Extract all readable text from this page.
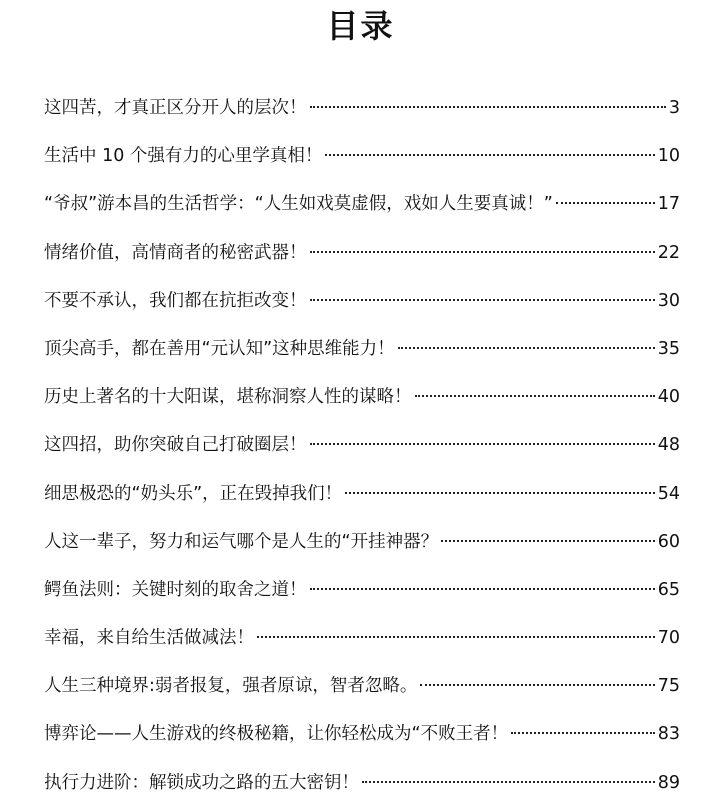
目录
这四苦，才真正区分开人的层次！	3
生活中 10 个强有力的心里学真相！	10
“爷叔”游本昌的生活哲学：“人生如戏莫虚假，戏如人生要真诚！”	17
情绪价值，高情商者的秘密武器！	22
不要不承认，我们都在抗拒改变！	30
顶尖高手，都在善用“元认知”这种思维能力！	35
历史上著名的十大阳谋，堪称洞察人性的谋略！	40
这四招，助你突破自己打破圈层！	48
细思极恐的“奶头乐”，正在毁掉我们！	54
人这一辈子，努力和运气哪个是人生的“开挂神器？	60
鳄鱼法则：关键时刻的取舍之道！	65
幸福，来自给生活做减法！	70
人生三种境界:弱者报复，强者原谅，智者忽略。	75
博弈论——人生游戏的终极秘籍，让你轻松成为“不败王者！	83
执行力进阶：解锁成功之路的五大密钥！	89
